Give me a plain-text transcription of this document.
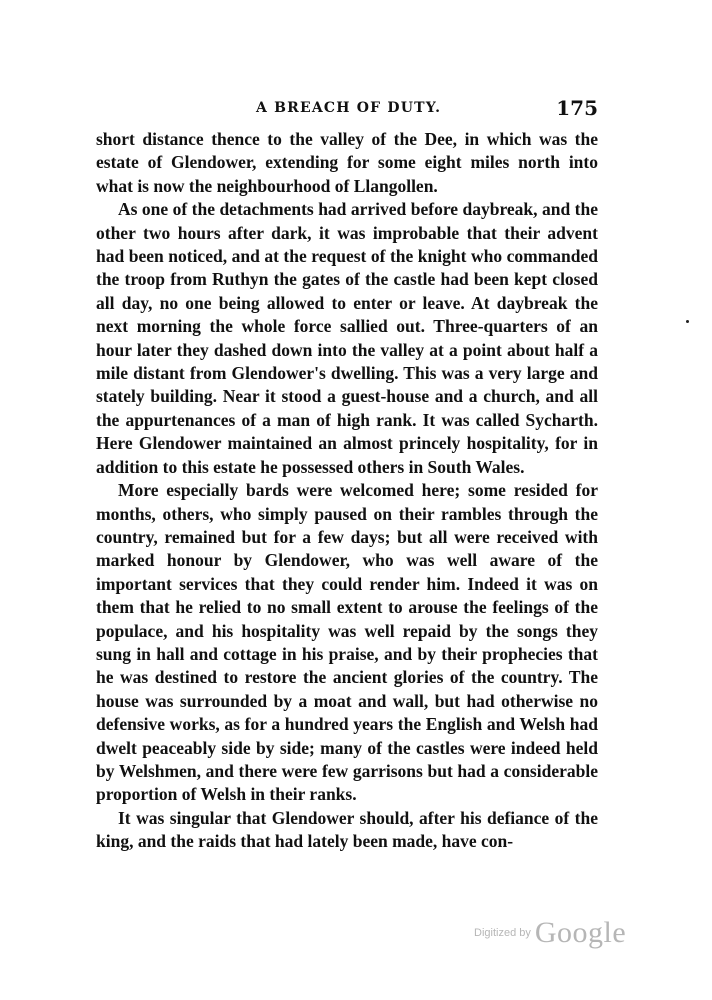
A BREACH OF DUTY.	175

short distance thence to the valley of the Dee, in which was the estate of Glendower, extending for some eight miles north into what is now the neighbourhood of Llangollen.

As one of the detachments had arrived before daybreak, and the other two hours after dark, it was improbable that their advent had been noticed, and at the request of the knight who commanded the troop from Ruthyn the gates of the castle had been kept closed all day, no one being allowed to enter or leave. At daybreak the next morning the whole force sallied out. Three-quarters of an hour later they dashed down into the valley at a point about half a mile distant from Glendower's dwelling. This was a very large and stately building. Near it stood a guest-house and a church, and all the appurtenances of a man of high rank. It was called Sycharth. Here Glendower maintained an almost princely hospitality, for in addition to this estate he possessed others in South Wales.

More especially bards were welcomed here; some resided for months, others, who simply paused on their rambles through the country, remained but for a few days; but all were received with marked honour by Glendower, who was well aware of the important services that they could render him. Indeed it was on them that he relied to no small extent to arouse the feelings of the populace, and his hospitality was well repaid by the songs they sung in hall and cottage in his praise, and by their prophecies that he was destined to restore the ancient glories of the country. The house was surrounded by a moat and wall, but had otherwise no defensive works, as for a hundred years the English and Welsh had dwelt peaceably side by side; many of the castles were indeed held by Welshmen, and there were few garrisons but had a considerable proportion of Welsh in their ranks.

It was singular that Glendower should, after his defiance of the king, and the raids that had lately been made, have con-

Digitized by Google
